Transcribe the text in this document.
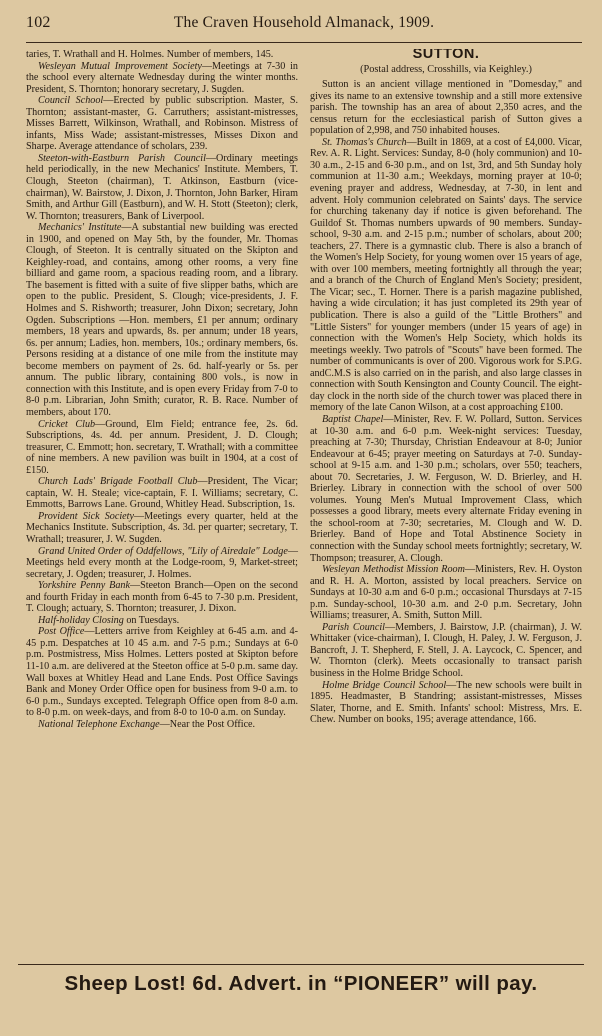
102	The Craven Household Almanack, 1909.

taries, T. Wrathall and H. Holmes. Number of members, 145.

Wesleyan Mutual Improvement Society—Meetings at 7-30 in the school every alternate Wednesday during the winter months. President, S. Thornton; honorary secretary, J. Sugden.

Council School—Erected by public subscription. Master, S. Thornton; assistant-master, G. Carruthers; assistant-mistresses, Misses Barrett, Wilkinson, Wrathall, and Robinson. Mistress of infants, Miss Wade; assistant-mistresses, Misses Dixon and Sharpe. Average attendance of scholars, 239.

Steeton-with-Eastburn Parish Council—Ordinary meetings held periodically, in the new Mechanics' Institute. Members, T. Clough, Steeton (chairman), T. Atkinson, Eastburn (vice-chairman), W. Bairstow, J. Dixon, J. Thornton, John Barker, Hiram Smith, and Arthur Gill (Eastburn), and W. H. Stott (Steeton); clerk, W. Thornton; treasurers, Bank of Liverpool.

Mechanics' Institute—A substantial new building was erected in 1900, and opened on May 5th, by the founder, Mr. Thomas Clough, of Steeton. It is centrally situated on the Skipton and Keighley-road, and contains, among other rooms, a very fine billiard and game room, a spacious reading room, and a library. The basement is fitted with a suite of five slipper baths, which are open to the public. President, S. Clough; vice-presidents, J. F. Holmes and S. Rishworth; treasurer, John Dixon; secretary, John Ogden. Subscriptions —Hon. members, £1 per annum; ordinary members, 18 years and upwards, 8s. per annum; under 18 years, 6s. per annum; Ladies, hon. members, 10s.; ordinary members, 6s. Persons residing at a distance of one mile from the institute may become members on payment of 2s. 6d. half-yearly or 5s. per annum. The public library, containing 800 vols., is now in connection with this Institute, and is open every Friday from 7-0 to 8-0 p.m. Librarian, John Smith; curator, R. B. Race. Number of members, about 170.

Cricket Club—Ground, Elm Field; entrance fee, 2s. 6d. Subscriptions, 4s. 4d. per annum. President, J. D. Clough; treasurer, C. Emmott; hon. secretary, T. Wrathall; with a committee of nine members. A new pavilion was built in 1904, at a cost of £150.

Church Lads' Brigade Football Club—President, The Vicar; captain, W. H. Steale; vice-captain, F. I. Williams; secretary, C. Emmotts, Barrows Lane. Ground, Whitley Head. Subscription, 1s.

Provident Sick Society—Meetings every quarter, held at the Mechanics Institute. Subscription, 4s. 3d. per quarter; secretary, T. Wrathall; treasurer, J. W. Sugden.

Grand United Order of Oddfellows, "Lily of Airedale" Lodge—Meetings held every month at the Lodge-room, 9, Market-street; secretary, J. Ogden; treasurer, J. Holmes.

Yorkshire Penny Bank—Steeton Branch—Open on the second and fourth Friday in each month from 6-45 to 7-30 p.m. President, T. Clough; actuary, S. Thornton; treasurer, J. Dixon.

Half-holiday Closing on Tuesdays.

Post Office—Letters arrive from Keighley at 6-45 a.m. and 4-45 p.m. Despatches at 10 45 a.m. and 7-5 p.m.; Sundays at 6-0 p.m. Postmistress, Miss Holmes. Letters posted at Skipton before 11-10 a.m. are delivered at the Steeton office at 5-0 p.m. same day. Wall boxes at Whitley Head and Lane Ends. Post Office Savings Bank and Money Order Office open for business from 9-0 a.m. to 6-0 p.m., Sundays excepted. Telegraph Office open from 8-0 a.m. to 8-0 p.m. on week-days, and from 8-0 to 10-0 a.m. on Sunday.

National Telephone Exchange—Near the Post Office.

SUTTON.
(Postal address, Crosshills, via Keighley.)

Sutton is an ancient village mentioned in "Domesday," and gives its name to an extensive township and a still more extensive parish. The township has an area of about 2,350 acres, and the census return for the ecclesiastical parish of Sutton gives a population of 2,998, and 750 inhabited houses.

St. Thomas's Church—Built in 1869, at a cost of £4,000. Vicar, Rev. A. R. Light. Services: Sunday, 8-0 (holy communion) and 10-30 a.m., 2-15 and 6-30 p.m., and on 1st, 3rd, and 5th Sunday holy communion at 11-30 a.m.; Weekdays, morning prayer at 10-0; evening prayer and address, Wednesday, at 7-30, in lent and advent. Holy communion celebrated on Saints' days. The service for churching takenany day if notice is given beforehand. The Guildof St. Thomas numbers upwards of 90 members. Sunday-school, 9-30 a.m. and 2-15 p.m.; number of scholars, about 200; teachers, 27. There is a gymnastic club. There is also a branch of the Women's Help Society, for young women over 15 years of age, with over 100 members, meeting fortnightly all through the year; and a branch of the Church of England Men's Society; president, The Vicar; sec., T. Horner. There is a parish magazine published, having a wide circulation; it has just completed its 29th year of publication. There is also a guild of the "Little Brothers" and "Little Sisters" for younger members (under 15 years of age) in connection with the Women's Help Society, which holds its meetings weekly. Two patrols of "Scouts" have been formed. The number of communicants is over of 200. Vigorous work for S.P.G. andC.M.S is also carried on in the parish, and also large classes in connection with South Kensington and County Council. The eight-day clock in the north side of the church tower was placed there in memory of the late Canon Wilson, at a cost approaching £100.

Baptist Chapel—Minister, Rev. F. W. Pollard, Sutton. Services at 10-30 a.m. and 6-0 p.m. Week-night services: Tuesday, preaching at 7-30; Thursday, Christian Endeavour at 8-0; Junior Endeavour at 6-45; prayer meeting on Saturdays at 7-0. Sunday-school at 9-15 a.m. and 1-30 p.m.; scholars, over 550; teachers, about 70. Secretaries, J. W. Ferguson, W. D. Brierley, and H. Brierley. Library in connection with the school of over 500 volumes. Young Men's Mutual Improvement Class, which possesses a good library, meets every alternate Friday evening in the school-room at 7-30; secretaries, M. Clough and W. D. Brierley. Band of Hope and Total Abstinence Society in connection with the Sunday school meets fortnightly; secretary, W. Thompson; treasurer, A. Clough.

Wesleyan Methodist Mission Room—Ministers, Rev. H. Oyston and R. H. A. Morton, assisted by local preachers. Service on Sundays at 10-30 a.m and 6-0 p.m.; occasional Thursdays at 7-15 p.m. Sunday-school, 10-30 a.m. and 2-0 p.m. Secretary, John Williams; treasurer, A. Smith, Sutton Mill.

Parish Council—Members, J. Bairstow, J.P. (chairman), J. W. Whittaker (vice-chairman), I. Clough, H. Paley, J. W. Ferguson, J. Bancroft, J. T. Shepherd, F. Stell, J. A. Laycock, C. Spencer, and W. Thornton (clerk). Meets occasionally to transact parish business in the Holme Bridge School.

Holme Bridge Council School—The new schools were built in 1895. Headmaster, B Standring; assistant-mistresses, Misses Slater, Thorne, and E. Smith. Infants' school: Mistress, Mrs. E. Chew. Number on books, 195; average attendance, 166.

Sheep Lost! 6d. Advert. in “PIONEER” will pay.
